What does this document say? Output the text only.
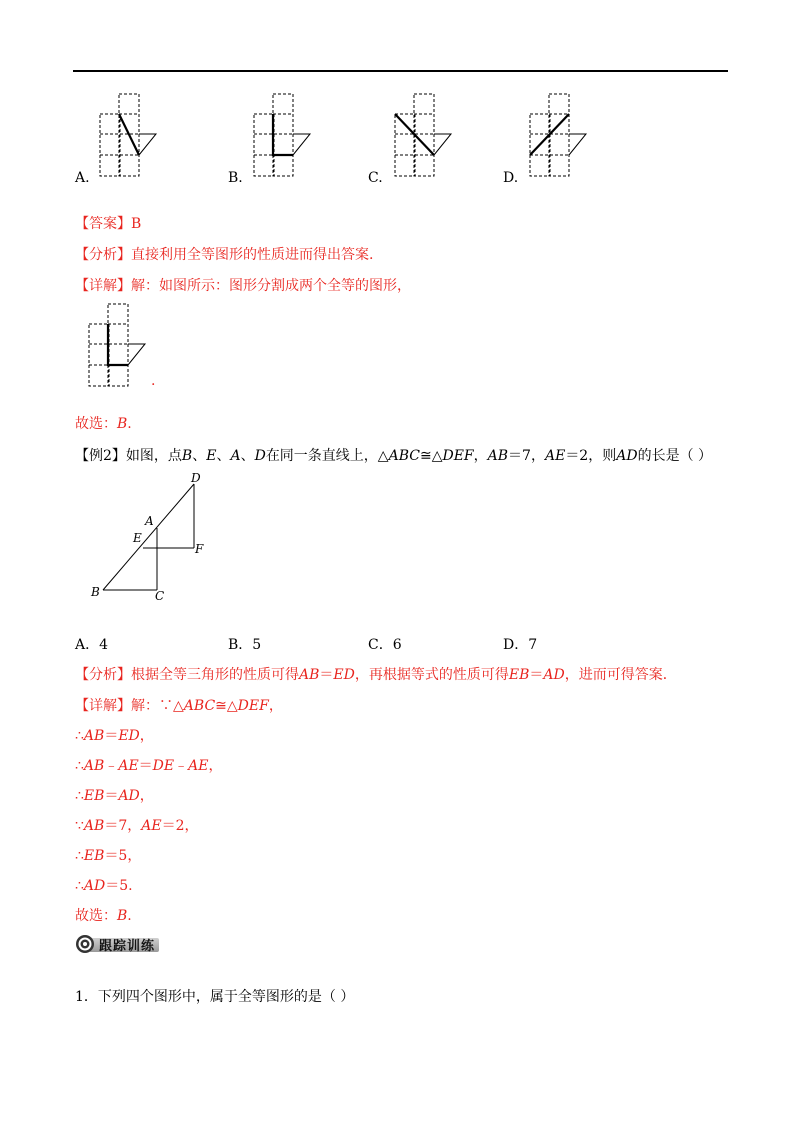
A.	B.	C.	D.
【答案】B
【分析】直接利用全等图形的性质进而得出答案.
【详解】解：如图所示：图形分割成两个全等的图形，
.
故选：B.
【例2】如图，点B、E、A、D在同一条直线上，△ABC≅△DEF，AB＝7，AE＝2，则AD的长是（ ）
D
A
E
F
B	C
A．4	B．5	C．6	D．7
【分析】根据全等三角形的性质可得AB＝ED，再根据等式的性质可得EB＝AD，进而可得答案．
【详解】解：∵△ABC≅△DEF，
∴AB＝ED，
∴AB﹣AE＝DE﹣AE，
∴EB＝AD，
∵AB＝7，AE＝2，
∴EB＝5，
∴AD＝5.
故选：B.
跟踪训练
1．下列四个图形中，属于全等图形的是（ ）
